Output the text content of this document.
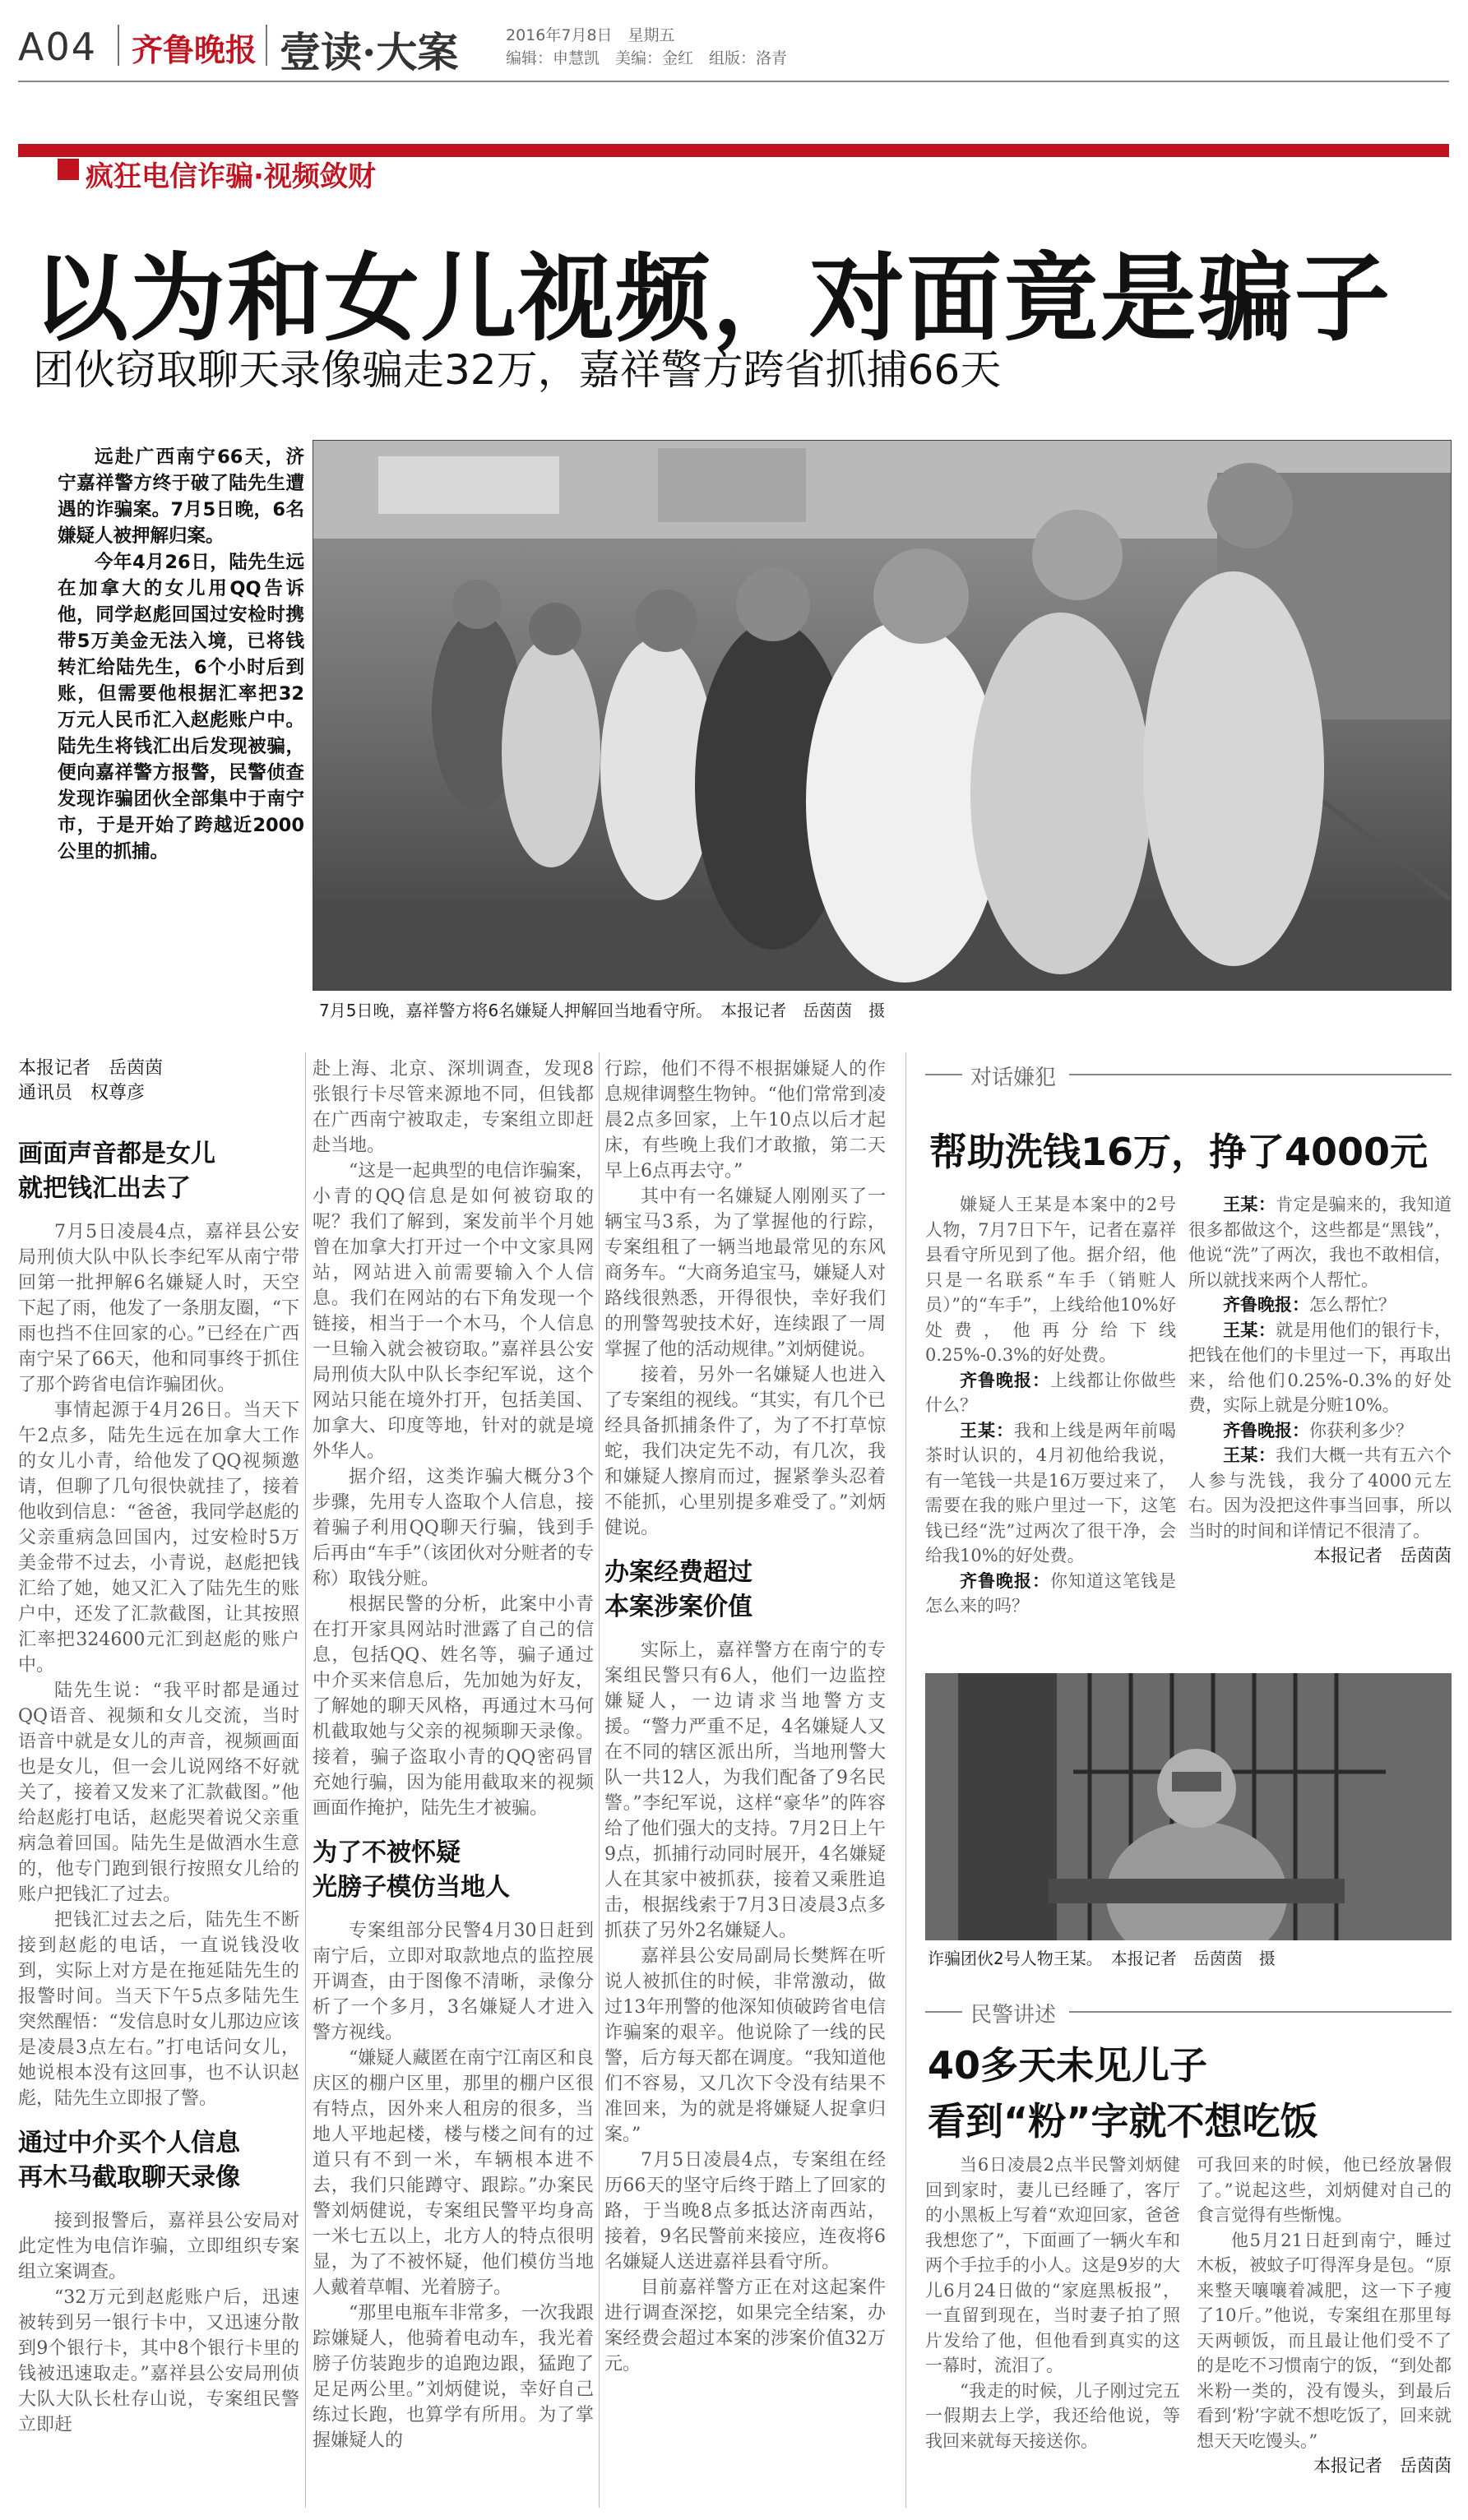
A04 齐鲁晚报 壹读·大案	2016年7月8日　星期五
编辑：申慧凯　美编：金红　组版：洛青
疯狂电信诈骗·视频敛财
以为和女儿视频，对面竟是骗子
团伙窃取聊天录像骗走32万，嘉祥警方跨省抓捕66天

远赴广西南宁66天，济宁嘉祥警方终于破了陆先生遭遇的诈骗案。7月5日晚，6名嫌疑人被押解归案。

今年4月26日，陆先生远在加拿大的女儿用QQ告诉他，同学赵彪回国过安检时携带5万美金无法入境，已将钱转汇给陆先生，6个小时后到账，但需要他根据汇率把32万元人民币汇入赵彪账户中。陆先生将钱汇出后发现被骗，便向嘉祥警方报警，民警侦查发现诈骗团伙全部集中于南宁市，于是开始了跨越近2000公里的抓捕。

7月5日晚，嘉祥警方将6名嫌疑人押解回当地看守所。　本报记者　岳茵茵　摄
本报记者　岳茵茵
通讯员　权尊彦
画面声音都是女儿
就把钱汇出去了

7月5日凌晨4点，嘉祥县公安局刑侦大队中队长李纪军从南宁带回第一批押解6名嫌疑人时，天空下起了雨，他发了一条朋友圈，“下雨也挡不住回家的心。”已经在广西南宁呆了66天，他和同事终于抓住了那个跨省电信诈骗团伙。

事情起源于4月26日。当天下午2点多，陆先生远在加拿大工作的女儿小青，给他发了QQ视频邀请，但聊了几句很快就挂了，接着他收到信息：“爸爸，我同学赵彪的父亲重病急回国内，过安检时5万美金带不过去，小青说，赵彪把钱汇给了她，她又汇入了陆先生的账户中，还发了汇款截图，让其按照汇率把324600元汇到赵彪的账户中。

陆先生说：“我平时都是通过QQ语音、视频和女儿交流，当时语音中就是女儿的声音，视频画面也是女儿，但一会儿说网络不好就关了，接着又发来了汇款截图。”他给赵彪打电话，赵彪哭着说父亲重病急着回国。陆先生是做酒水生意的，他专门跑到银行按照女儿给的账户把钱汇了过去。

把钱汇过去之后，陆先生不断接到赵彪的电话，一直说钱没收到，实际上对方是在拖延陆先生的报警时间。当天下午5点多陆先生突然醒悟：“发信息时女儿那边应该是凌晨3点左右。”打电话问女儿，她说根本没有这回事，也不认识赵彪，陆先生立即报了警。

通过中介买个人信息
再木马截取聊天录像

接到报警后，嘉祥县公安局对此定性为电信诈骗，立即组织专案组立案调查。

“32万元到赵彪账户后，迅速被转到另一银行卡中，又迅速分散到9个银行卡，其中8个银行卡里的钱被迅速取走。”嘉祥县公安局刑侦大队大队长杜存山说，专案组民警立即赶

赴上海、北京、深圳调查，发现8张银行卡尽管来源地不同，但钱都在广西南宁被取走，专案组立即赶赴当地。

“这是一起典型的电信诈骗案，小青的QQ信息是如何被窃取的呢？我们了解到，案发前半个月她曾在加拿大打开过一个中文家具网站，网站进入前需要输入个人信息。我们在网站的右下角发现一个链接，相当于一个木马，个人信息一旦输入就会被窃取。”嘉祥县公安局刑侦大队中队长李纪军说，这个网站只能在境外打开，包括美国、加拿大、印度等地，针对的就是境外华人。

据介绍，这类诈骗大概分3个步骤，先用专人盗取个人信息，接着骗子利用QQ聊天行骗，钱到手后再由“车手”（该团伙对分赃者的专称）取钱分赃。

根据民警的分析，此案中小青在打开家具网站时泄露了自己的信息，包括QQ、姓名等，骗子通过中介买来信息后，先加她为好友，了解她的聊天风格，再通过木马何机截取她与父亲的视频聊天录像。接着，骗子盗取小青的QQ密码冒充她行骗，因为能用截取来的视频画面作掩护，陆先生才被骗。

为了不被怀疑
光膀子模仿当地人

专案组部分民警4月30日赶到南宁后，立即对取款地点的监控展开调查，由于图像不清晰，录像分析了一个多月，3名嫌疑人才进入警方视线。

“嫌疑人藏匿在南宁江南区和良庆区的棚户区里，那里的棚户区很有特点，因外来人租房的很多，当地人平地起楼，楼与楼之间有的过道只有不到一米，车辆根本进不去，我们只能蹲守、跟踪。”办案民警刘炳健说，专案组民警平均身高一米七五以上，北方人的特点很明显，为了不被怀疑，他们模仿当地人戴着草帽、光着膀子。

“那里电瓶车非常多，一次我跟踪嫌疑人，他骑着电动车，我光着膀子仿装跑步的追跑边跟，猛跑了足足两公里。”刘炳健说，幸好自己练过长跑，也算学有所用。为了掌握嫌疑人的

行踪，他们不得不根据嫌疑人的作息规律调整生物钟。“他们常常到凌晨2点多回家，上午10点以后才起床，有些晚上我们才敢撤，第二天早上6点再去守。”

其中有一名嫌疑人刚刚买了一辆宝马3系，为了掌握他的行踪，专案组租了一辆当地最常见的东风商务车。“大商务追宝马，嫌疑人对路线很熟悉，开得很快，幸好我们的刑警驾驶技术好，连续跟了一周掌握了他的活动规律。”刘炳健说。

接着，另外一名嫌疑人也进入了专案组的视线。“其实，有几个已经具备抓捕条件了，为了不打草惊蛇，我们决定先不动，有几次，我和嫌疑人擦肩而过，握紧拳头忍着不能抓，心里别提多难受了。”刘炳健说。

办案经费超过
本案涉案价值

实际上，嘉祥警方在南宁的专案组民警只有6人，他们一边监控嫌疑人，一边请求当地警方支援。“警力严重不足，4名嫌疑人又在不同的辖区派出所，当地刑警大队一共12人，为我们配备了9名民警。”李纪军说，这样“豪华”的阵容给了他们强大的支持。7月2日上午9点，抓捕行动同时展开，4名嫌疑人在其家中被抓获，接着又乘胜追击，根据线索于7月3日凌晨3点多抓获了另外2名嫌疑人。

嘉祥县公安局副局长樊辉在听说人被抓住的时候，非常激动，做过13年刑警的他深知侦破跨省电信诈骗案的艰辛。他说除了一线的民警，后方每天都在调度。“我知道他们不容易，又几次下令没有结果不准回来，为的就是将嫌疑人捉拿归案。”

7月5日凌晨4点，专案组在经历66天的坚守后终于踏上了回家的路，于当晚8点多抵达济南西站，接着，9名民警前来接应，连夜将6名嫌疑人送进嘉祥县看守所。

目前嘉祥警方正在对这起案件进行调查深挖，如果完全结案，办案经费会超过本案的涉案价值32万元。

对话嫌犯
帮助洗钱16万，挣了4000元

嫌疑人王某是本案中的2号人物，7月7日下午，记者在嘉祥县看守所见到了他。据介绍，他只是一名联系“车手（销赃人员）”的“车手”，上线给他10%好处费，他再分给下线0.25%-0.3%的好处费。

齐鲁晚报：上线都让你做些什么？

王某：我和上线是两年前喝茶时认识的，4月初他给我说，有一笔钱一共是16万要过来了，需要在我的账户里过一下，这笔钱已经“洗”过两次了很干净，会给我10%的好处费。

齐鲁晚报：你知道这笔钱是怎么来的吗？

王某：肯定是骗来的，我知道很多都做这个，这些都是“黑钱”，他说“洗”了两次，我也不敢相信，所以就找来两个人帮忙。

齐鲁晚报：怎么帮忙？

王某：就是用他们的银行卡，把钱在他们的卡里过一下，再取出来，给他们0.25%-0.3%的好处费，实际上就是分赃10%。

齐鲁晚报：你获利多少？

王某：我们大概一共有五六个人参与洗钱，我分了4000元左右。因为没把这件事当回事，所以当时的时间和详情记不很清了。

本报记者　岳茵茵

诈骗团伙2号人物王某。　本报记者　岳茵茵　摄
民警讲述
40多天未见儿子
看到“粉”字就不想吃饭

当6日凌晨2点半民警刘炳健回到家时，妻儿已经睡了，客厅的小黑板上写着“欢迎回家，爸爸我想您了”，下面画了一辆火车和两个手拉手的小人。这是9岁的大儿6月24日做的“家庭黑板报”，一直留到现在，当时妻子拍了照片发给了他，但他看到真实的这一幕时，流泪了。

“我走的时候，儿子刚过完五一假期去上学，我还给他说，等我回来就每天接送你。

可我回来的时候，他已经放暑假了。”说起这些，刘炳健对自己的食言觉得有些惭愧。

他5月21日赶到南宁，睡过木板，被蚊子叮得浑身是包。“原来整天嚷嚷着减肥，这一下子瘦了10斤。”他说，专案组在那里每天两顿饭，而且最让他们受不了的是吃不习惯南宁的饭，“到处都米粉一类的，没有馒头，到最后看到‘粉’字就不想吃饭了，回来就想天天吃馒头。”

本报记者　岳茵茵
